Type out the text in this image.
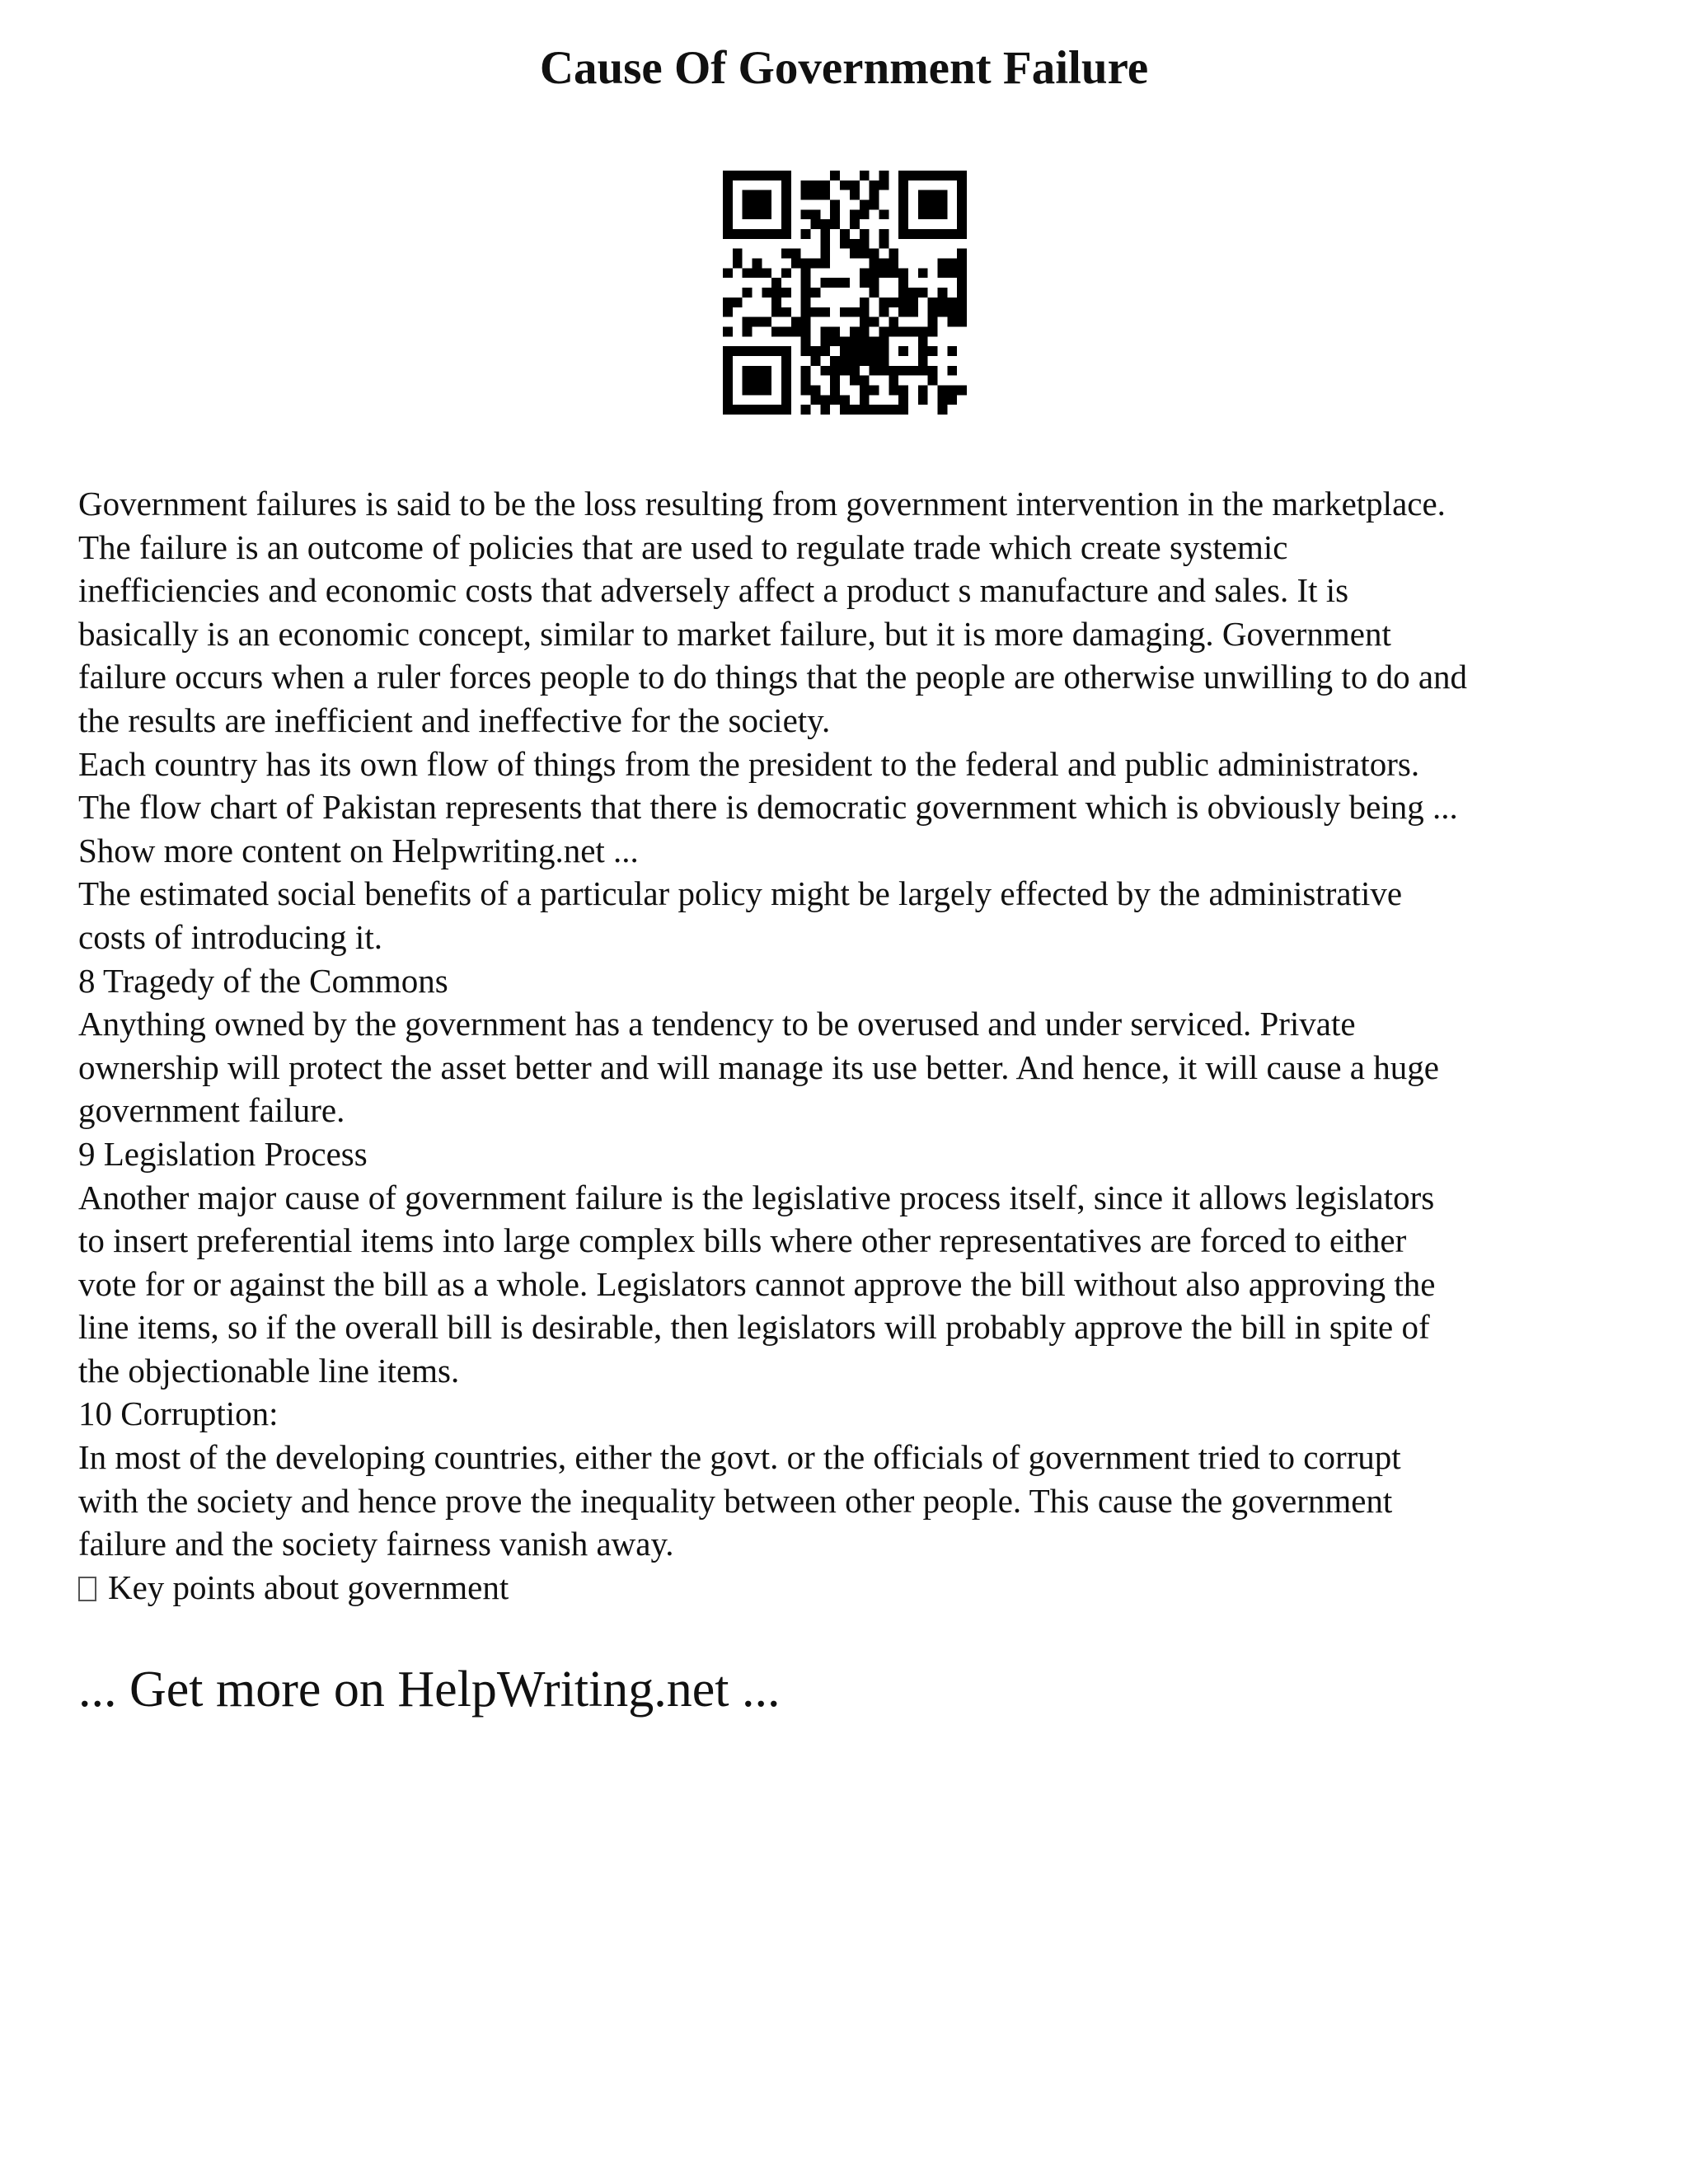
Cause Of Government Failure
Government failures is said to be the loss resulting from government intervention in the marketplace.
The failure is an outcome of policies that are used to regulate trade which create systemic
inefficiencies and economic costs that adversely affect a product s manufacture and sales. It is
basically is an economic concept, similar to market failure, but it is more damaging. Government
failure occurs when a ruler forces people to do things that the people are otherwise unwilling to do and
the results are inefficient and ineffective for the society.
Each country has its own flow of things from the president to the federal and public administrators.
The flow chart of Pakistan represents that there is democratic government which is obviously being ...
Show more content on Helpwriting.net ...
The estimated social benefits of a particular policy might be largely effected by the administrative
costs of introducing it.
8 Tragedy of the Commons
Anything owned by the government has a tendency to be overused and under serviced. Private
ownership will protect the asset better and will manage its use better. And hence, it will cause a huge
government failure.
9 Legislation Process
Another major cause of government failure is the legislative process itself, since it allows legislators
to insert preferential items into large complex bills where other representatives are forced to either
vote for or against the bill as a whole. Legislators cannot approve the bill without also approving the
line items, so if the overall bill is desirable, then legislators will probably approve the bill in spite of
the objectionable line items.
10 Corruption:
In most of the developing countries, either the govt. or the officials of government tried to corrupt
with the society and hence prove the inequality between other people. This cause the government
failure and the society fairness vanish away.
Key points about government
... Get more on HelpWriting.net ...
